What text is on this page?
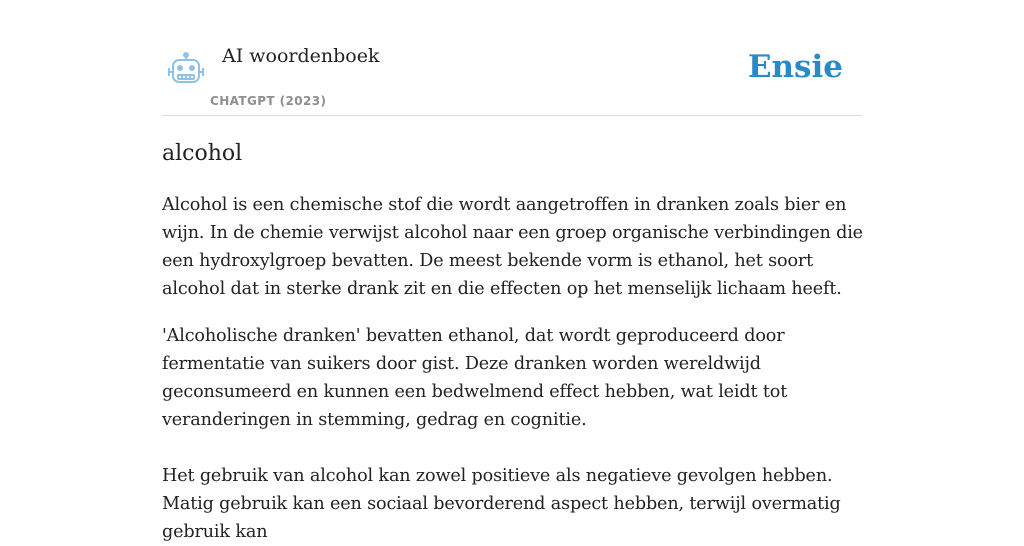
AI woordenboek
CHATGPT (2023)
Ensie
alcohol

Alcohol is een chemische stof die wordt aangetroffen in dranken zoals bier en wijn. In de chemie verwijst alcohol naar een groep organische verbindingen die een hydroxylgroep bevatten. De meest bekende vorm is ethanol, het soort alcohol dat in sterke drank zit en die effecten op het menselijk lichaam heeft.

'Alcoholische dranken' bevatten ethanol, dat wordt geproduceerd door fermentatie van suikers door gist. Deze dranken worden wereldwijd geconsumeerd en kunnen een bedwelmend effect hebben, wat leidt tot veranderingen in stemming, gedrag en cognitie.

Het gebruik van alcohol kan zowel positieve als negatieve gevolgen hebben. Matig gebruik kan een sociaal bevorderend aspect hebben, terwijl overmatig gebruik kan
